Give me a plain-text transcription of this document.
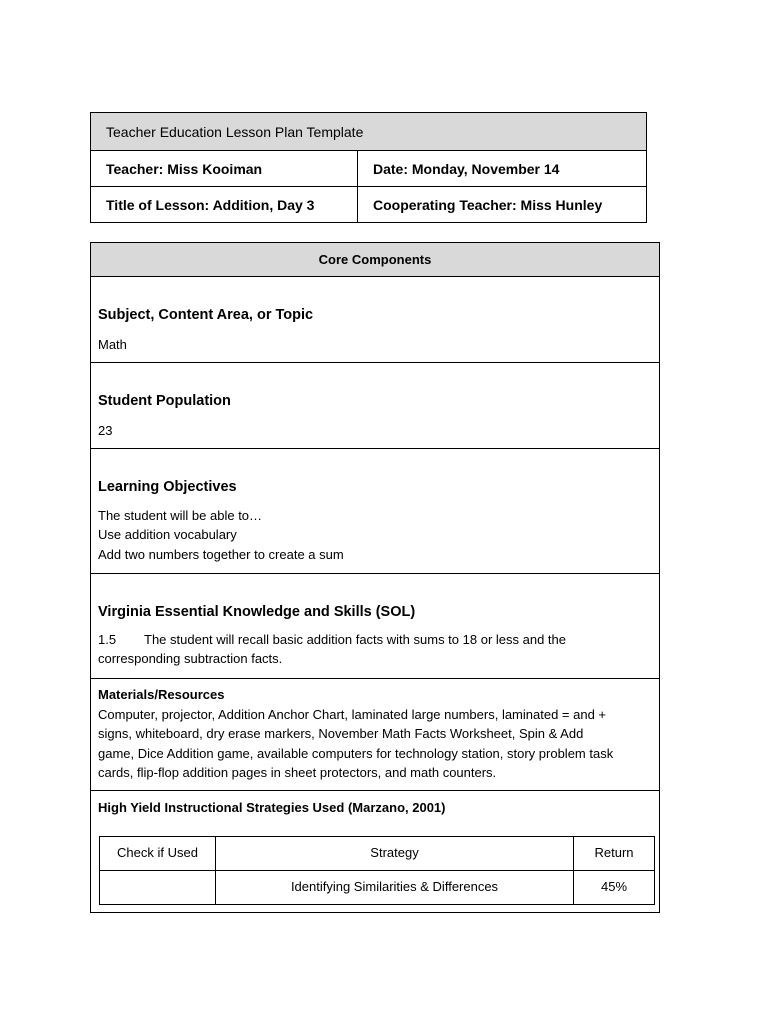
Teacher Education Lesson Plan Template	
Teacher: Miss Kooiman	Date: Monday, November 14
Title of Lesson: Addition, Day 3	Cooperating Teacher: Miss Hunley
Core Components

Subject, Content Area, or Topic

Math

Student Population

23

Learning Objectives

The student will be able to…
Use addition vocabulary
Add two numbers together to create a sum

Virginia Essential Knowledge and Skills (SOL)

1.5 The student will recall basic addition facts with sums to 18 or less and the
corresponding subtraction facts.

Materials/Resources

Computer, projector, Addition Anchor Chart, laminated large numbers, laminated = and +
signs, whiteboard, dry erase markers, November Math Facts Worksheet, Spin & Add
game, Dice Addition game, available computers for technology station, story problem task
cards, flip-flop addition pages in sheet protectors, and math counters.

High Yield Instructional Strategies Used (Marzano, 2001)

Check if Used	Strategy	Return
	Identifying Similarities & Differences	45%
